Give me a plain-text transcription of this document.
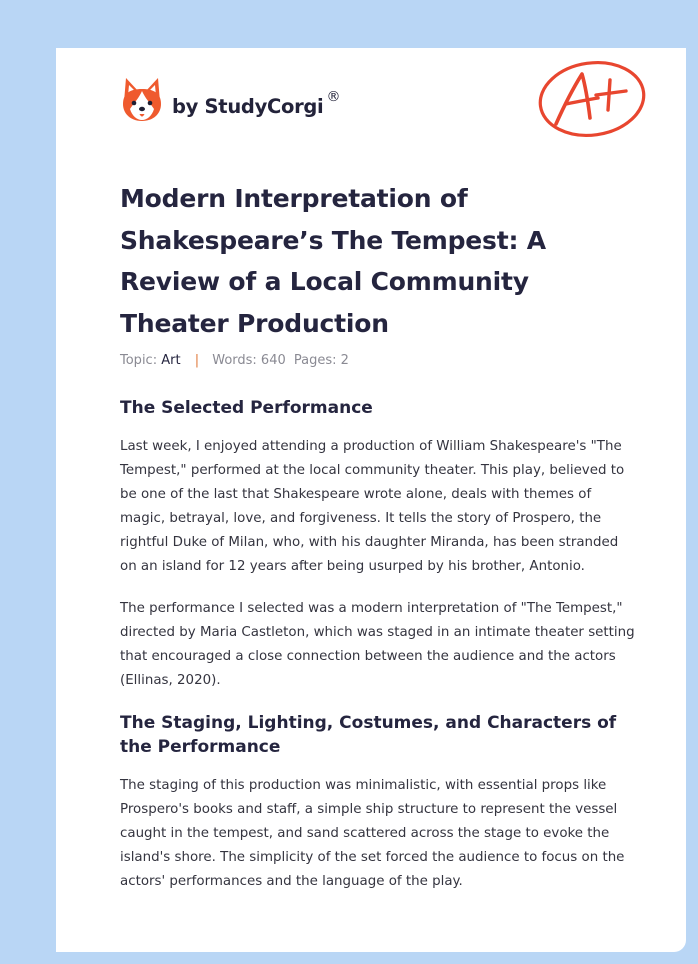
by StudyCorgi ®
Modern Interpretation of Shakespeare’s The Tempest: A Review of a Local Community Theater Production
Topic: Art | Words: 640 Pages: 2
The Selected Performance

Last week, I enjoyed attending a production of William Shakespeare's "The Tempest," performed at the local community theater. This play, believed to be one of the last that Shakespeare wrote alone, deals with themes of magic, betrayal, love, and forgiveness. It tells the story of Prospero, the rightful Duke of Milan, who, with his daughter Miranda, has been stranded on an island for 12 years after being usurped by his brother, Antonio.

The performance I selected was a modern interpretation of "The Tempest," directed by Maria Castleton, which was staged in an intimate theater setting that encouraged a close connection between the audience and the actors (Ellinas, 2020).

The Staging, Lighting, Costumes, and Characters of the Performance

The staging of this production was minimalistic, with essential props like Prospero's books and staff, a simple ship structure to represent the vessel caught in the tempest, and sand scattered across the stage to evoke the island's shore. The simplicity of the set forced the audience to focus on the actors' performances and the language of the play.
